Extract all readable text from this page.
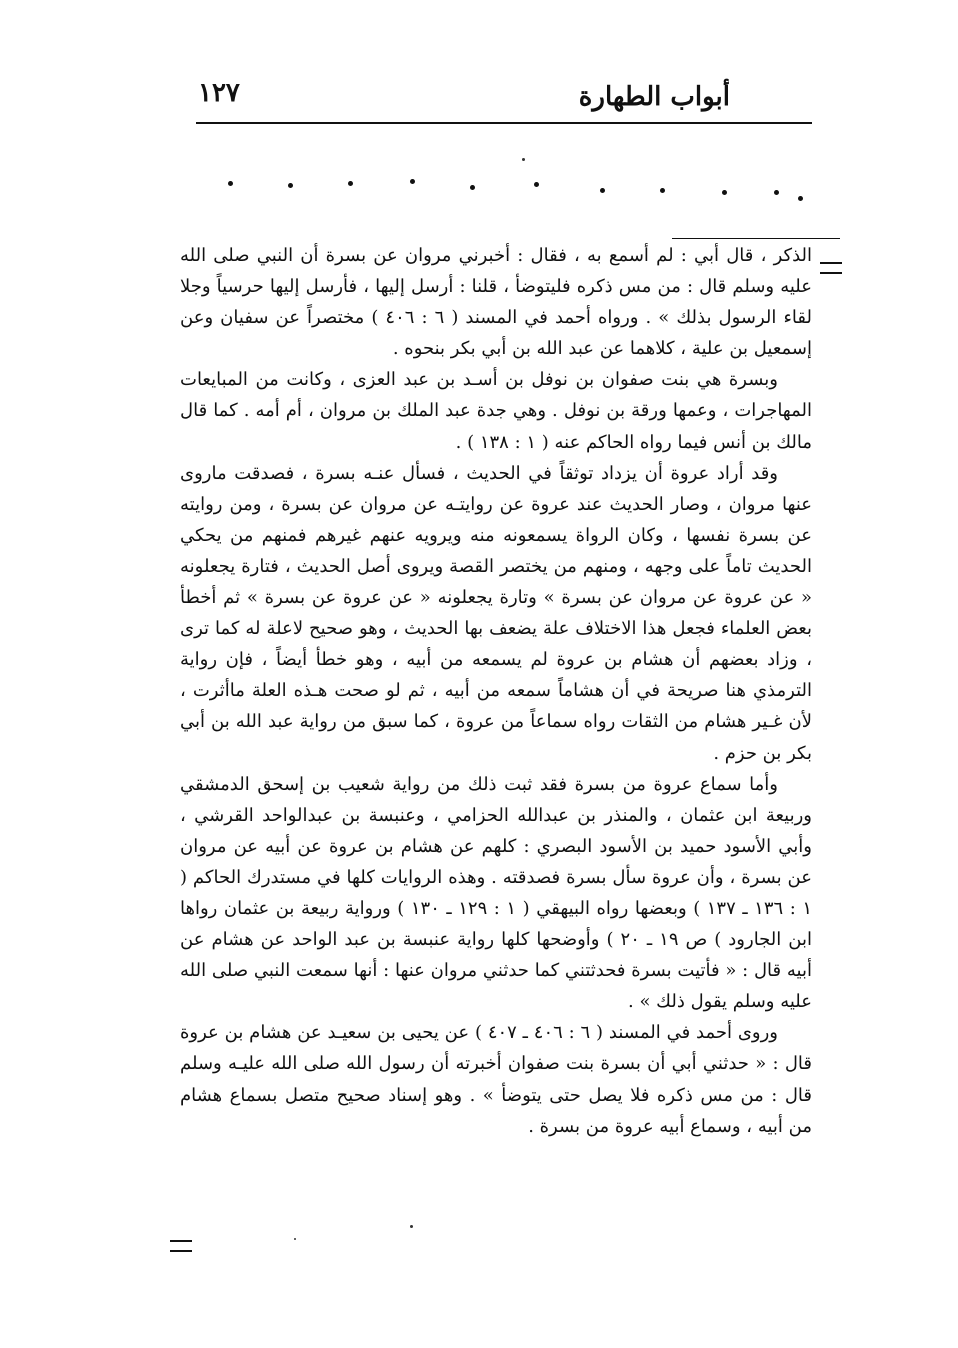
أبواب الطهارة
١٢٧

الذكر ، قال أبي : لم أسمع به ، فقال : أخبرني مروان عن بسرة أن النبي صلى الله عليه وسلم قال : من مس ذكره فليتوضأ ، قلنا : أرسل إليها ، فأرسل إليها حرسياً وجلا لقاء الرسول بذلك » . ورواه أحمد في المسند ( ٦ : ٤٠٦ ) مختصراً عن سفيان وعن إسمعيل بن علية ، كلاهما عن عبد الله بن أبي بكر بنحوه .

وبسرة هي بنت صفوان بن نوفل بن أسـد بن عبد العزى ، وكانت من المبايعات المهاجرات ، وعمها ورقة بن نوفل . وهي جدة عبد الملك بن مروان ، أم أمه . كما قال مالك بن أنس فيما رواه الحاكم عنه ( ١ : ١٣٨ ) .

وقد أراد عروة أن يزداد توثقاً في الحديث ، فسأل عنـه بسرة ، فصدقت ماروى عنها مروان ، وصار الحديث عند عروة عن روايتـه عن مروان عن بسرة ، ومن روايته عن بسرة نفسها ، وكان الرواة يسمعونه منه ويرويه عنهم غيرهم فمنهم من يحكي الحديث تاماً على وجهه ، ومنهم من يختصر القصة ويروى أصل الحديث ، فتارة يجعلونه « عن عروة عن مروان عن بسرة » وتارة يجعلونه « عن عروة عن بسرة » ثم أخطأ بعض العلماء فجعل هذا الاختلاف علة يضعف بها الحديث ، وهو صحيح لاعلة له كما ترى ، وزاد بعضهم أن هشام بن عروة لم يسمعه من أبيه ، وهو خطأ أيضاً ، فإن رواية الترمذي هنا صريحة في أن هشاماً سمعه من أبيه ، ثم لو صحت هـذه العلة ماأثرت ، لأن غـير هشام من الثقات رواه سماعاً من عروة ، كما سبق من رواية عبد الله بن أبي بكر بن حزم .

وأما سماع عروة من بسرة فقد ثبت ذلك من رواية شعيب بن إسحق الدمشقي وربيعة ابن عثمان ، والمنذر بن عبدالله الحزامي ، وعنبسة بن عبدالواحد القرشي ، وأبي الأسود حميد بن الأسود البصري : كلهم عن هشام بن عروة عن أبيه عن مروان عن بسرة ، وأن عروة سأل بسرة فصدقته . وهذه الروايات كلها في مستدرك الحاكم ( ١ : ١٣٦ ـ ١٣٧ ) وبعضها رواه البيهقي ( ١ : ١٢٩ ـ ١٣٠ ) ورواية ربيعة بن عثمان رواها ابن الجارود ) ص ١٩ ـ ٢٠ ) وأوضحها كلها رواية عنبسة بن عبد الواحد عن هشام عن أبيه قال : « فأتيت بسرة فحدثتني كما حدثني مروان عنها : أنها سمعت النبي صلى الله عليه وسلم يقول ذلك » .

وروى أحمد في المسند ( ٦ : ٤٠٦ ـ ٤٠٧ ) عن يحيى بن سعيـد عن هشام بن عروة قال : « حدثني أبي أن بسرة بنت صفوان أخبرته أن رسول الله صلى الله عليـه وسلم قال : من مس ذكره فلا يصل حتى يتوضأ » . وهو إسناد صحيح متصل بسماع هشام من أبيه ، وسماع أبيه عروة من بسرة .
